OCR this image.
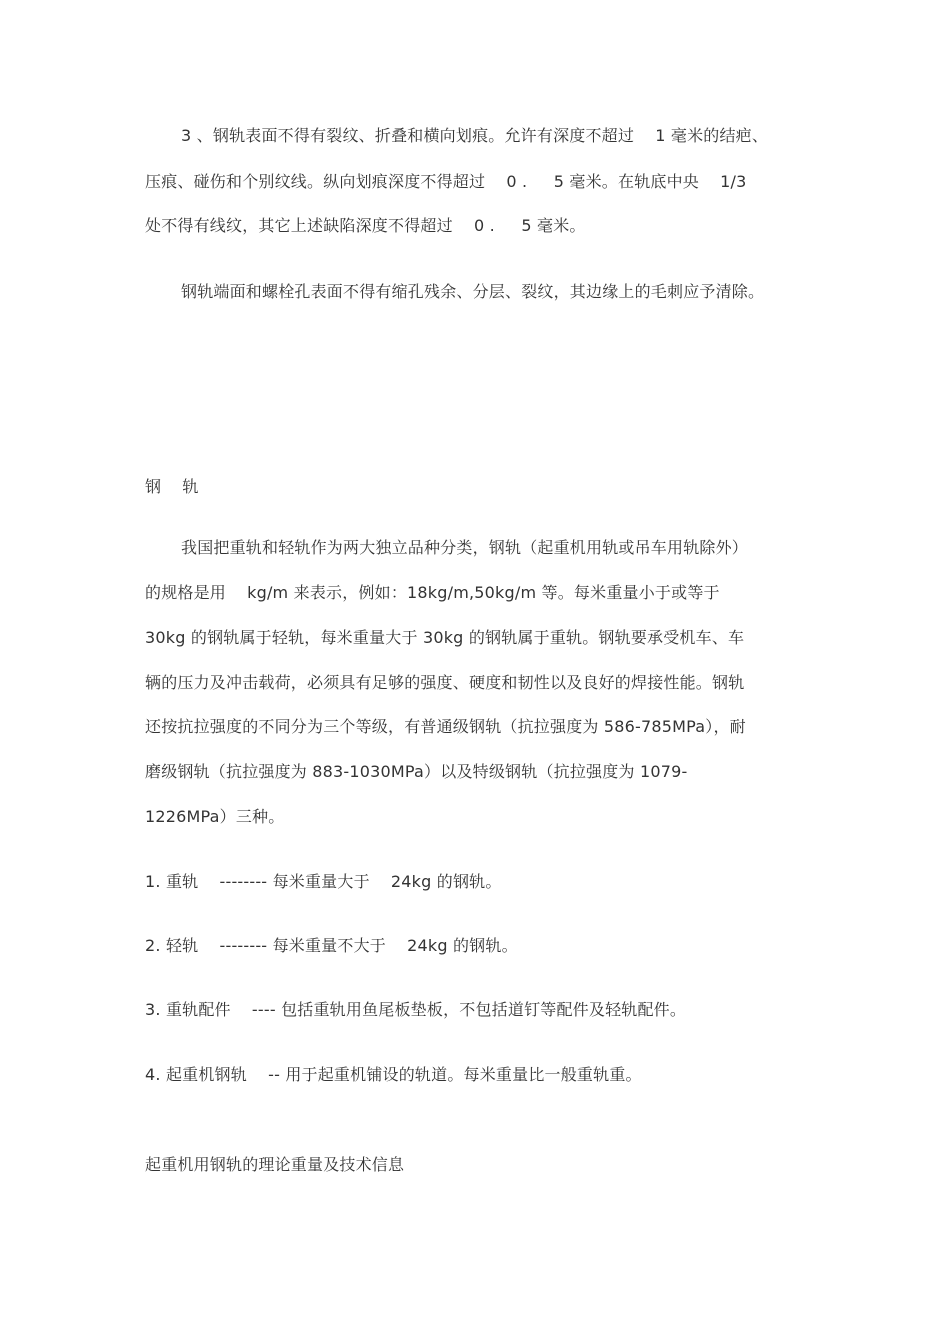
3 、钢轨表面不得有裂纹、折叠和横向划痕。允许有深度不超过    1 毫米的结疤、
压痕、碰伤和个别纹线。纵向划痕深度不得超过    0 .     5 毫米。在轨底中央    1/3
处不得有线纹，其它上述缺陷深度不得超过    0 .     5 毫米。
钢轨端面和螺栓孔表面不得有缩孔残余、分层、裂纹，其边缘上的毛刺应予清除。
钢    轨
我国把重轨和轻轨作为两大独立品种分类，钢轨（起重机用轨或吊车用轨除外）
的规格是用    kg/m 来表示，例如：18kg/m,50kg/m 等。每米重量小于或等于
30kg 的钢轨属于轻轨，每米重量大于 30kg 的钢轨属于重轨。钢轨要承受机车、车
辆的压力及冲击载荷，必须具有足够的强度、硬度和韧性以及良好的焊接性能。钢轨
还按抗拉强度的不同分为三个等级，有普通级钢轨（抗拉强度为 586-785MPa），耐
磨级钢轨（抗拉强度为 883-1030MPa）以及特级钢轨（抗拉强度为 1079-
1226MPa）三种。
1. 重轨    -------- 每米重量大于    24kg 的钢轨。
2. 轻轨    -------- 每米重量不大于    24kg 的钢轨。
3. 重轨配件    ---- 包括重轨用鱼尾板垫板，不包括道钉等配件及轻轨配件。
4. 起重机钢轨    -- 用于起重机铺设的轨道。每米重量比一般重轨重。
起重机用钢轨的理论重量及技术信息
